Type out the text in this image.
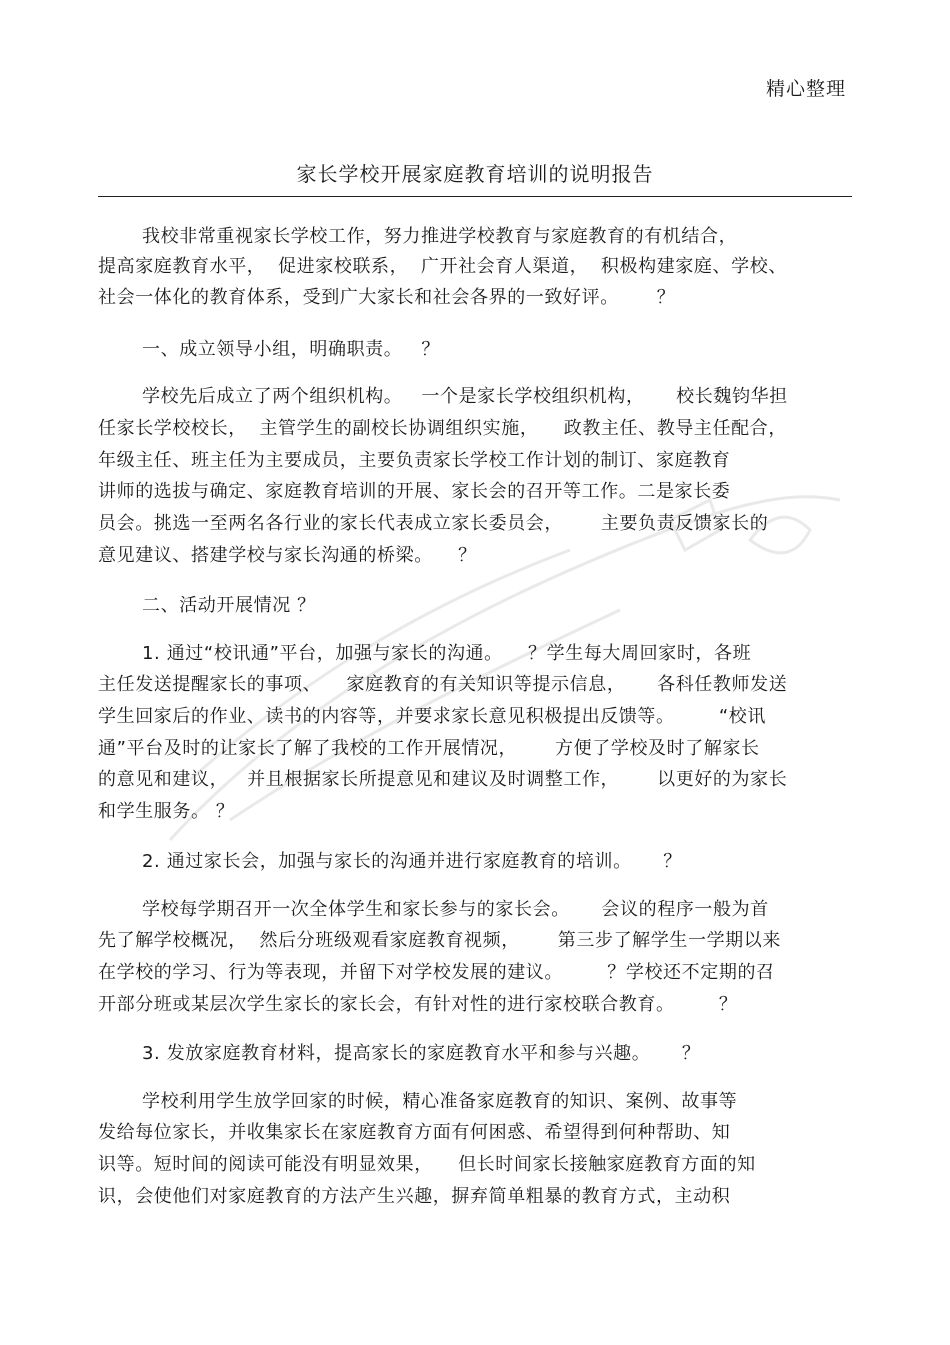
精心整理
家长学校开展家庭教育培训的说明报告
我校非常重视家长学校工作，努力推进学校教育与家庭教育的有机结合，
提高家庭教育水平，  促进家校联系，  广开社会育人渠道，  积极构建家庭、学校、
社会一体化的教育体系，受到广大家长和社会各界的一致好评。      ？
一、成立领导小组，明确职责。   ？
学校先后成立了两个组织机构。   一个是家长学校组织机构，     校长魏钧华担
任家长学校校长，  主管学生的副校长协调组织实施，    政教主任、教导主任配合，
年级主任、班主任为主要成员，主要负责家长学校工作计划的制订、家庭教育
讲师的选拔与确定、家庭教育培训的开展、家长会的召开等工作。二是家长委
员会。挑选一至两名各行业的家长代表成立家长委员会，      主要负责反馈家长的
意见建议、搭建学校与家长沟通的桥梁。    ？
二、活动开展情况 ？
1. 通过“校讯通”平台，加强与家长的沟通。    ？学生每大周回家时，各班
主任发送提醒家长的事项、    家庭教育的有关知识等提示信息，     各科任教师发送
学生回家后的作业、读书的内容等，并要求家长意见积极提出反馈等。       “校讯
通”平台及时的让家长了解了我校的工作开展情况，      方便了学校及时了解家长
的意见和建议，   并且根据家长所提意见和建议及时调整工作，      以更好的为家长
和学生服务。 ？
2. 通过家长会，加强与家长的沟通并进行家庭教育的培训。     ？
学校每学期召开一次全体学生和家长参与的家长会。     会议的程序一般为首
先了解学校概况，  然后分班级观看家庭教育视频，      第三步了解学生一学期以来
在学校的学习、行为等表现，并留下对学校发展的建议。       ？学校还不定期的召
开部分班或某层次学生家长的家长会，有针对性的进行家校联合教育。       ？
3. 发放家庭教育材料，提高家长的家庭教育水平和参与兴趣。     ？
学校利用学生放学回家的时候，精心准备家庭教育的知识、案例、故事等
发给每位家长，并收集家长在家庭教育方面有何困惑、希望得到何种帮助、知
识等。短时间的阅读可能没有明显效果，    但长时间家长接触家庭教育方面的知
识，会使他们对家庭教育的方法产生兴趣，摒弃简单粗暴的教育方式，主动积
